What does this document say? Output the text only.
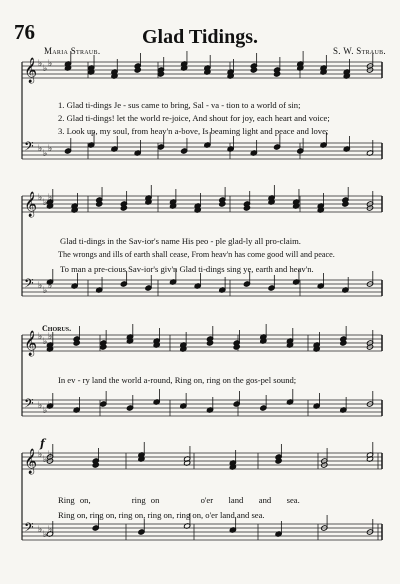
76	Glad Tidings.
Maria Straub.	S. W. Straub.
𝄞 ♭ ♭ ♭
𝄢 ♭ ♭ ♭
𝄞 ♭ ♭ ♭
𝄢 ♭ ♭ ♭
𝄞 ♭ ♭ ♭
𝄢 ♭ ♭ ♭
𝄞 ♭ ♭ ♭
𝄢 ♭ ♭ ♭
f
1. Glad ti-dings Je - sus came to bring, Sal - va - tion to a world of sin;
2. Glad ti-dings! let the world re-joice, And shout for joy, each heart and voice;
3. Look up, my soul, from heav'n a-bove, Is beaming light and peace and love;
Glad ti-dings in the Sav-ior's name His peo - ple glad-ly all pro-claim.
The wrongs and ills of earth shall cease, From heav'n has come good will and peace.
To man a pre-cious Sav-ior's giv'n Glad ti-dings sing ye, earth and heav'n.
Chorus.
In ev - ry land the world a-round, Ring on, ring on the gos-pel sound;
Ring on,        ring on        o'er   land   and   sea.
Ring on, ring on, ring on, ring on, ring on, o'er land and sea.
